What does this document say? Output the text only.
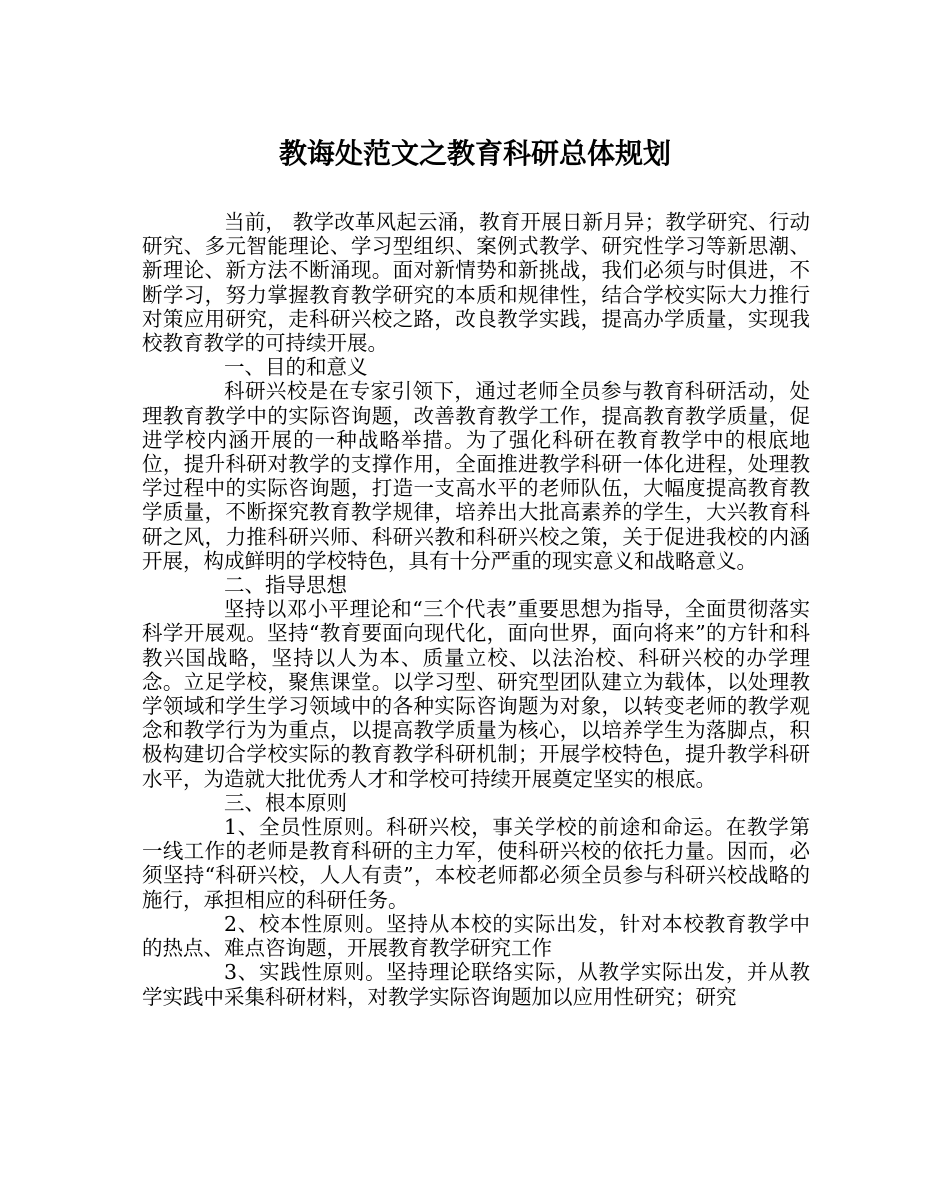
教诲处范文之教育科研总体规划

当前， 教学改革风起云涌，教育开展日新月异；教学研究、行动研究、多元智能理论、学习型组织、案例式教学、研究性学习等新思潮、新理论、新方法不断涌现。面对新情势和新挑战，我们必须与时俱进，不断学习，努力掌握教育教学研究的本质和规律性，结合学校实际大力推行对策应用研究，走科研兴校之路，改良教学实践，提高办学质量，实现我校教育教学的可持续开展。

一、目的和意义

科研兴校是在专家引领下，通过老师全员参与教育科研活动，处理教育教学中的实际咨询题，改善教育教学工作，提高教育教学质量，促进学校内涵开展的一种战略举措。为了强化科研在教育教学中的根底地位，提升科研对教学的支撑作用，全面推进教学科研一体化进程，处理教学过程中的实际咨询题，打造一支高水平的老师队伍，大幅度提高教育教学质量，不断探究教育教学规律，培养出大批高素养的学生，大兴教育科研之风，力推科研兴师、科研兴教和科研兴校之策，关于促进我校的内涵开展，构成鲜明的学校特色，具有十分严重的现实意义和战略意义。

二、指导思想

坚持以邓小平理论和“三个代表”重要思想为指导，全面贯彻落实科学开展观。坚持“教育要面向现代化，面向世界，面向将来”的方针和科教兴国战略，坚持以人为本、质量立校、以法治校、科研兴校的办学理念。立足学校，聚焦课堂。以学习型、研究型团队建立为载体，以处理教学领域和学生学习领域中的各种实际咨询题为对象，以转变老师的教学观念和教学行为为重点，以提高教学质量为核心，以培养学生为落脚点，积极构建切合学校实际的教育教学科研机制；开展学校特色，提升教学科研水平，为造就大批优秀人才和学校可持续开展奠定坚实的根底。

三、根本原则

1、全员性原则。科研兴校，事关学校的前途和命运。在教学第一线工作的老师是教育科研的主力军，使科研兴校的依托力量。因而，必须坚持“科研兴校，人人有责”，本校老师都必须全员参与科研兴校战略的施行，承担相应的科研任务。

2、校本性原则。坚持从本校的实际出发，针对本校教育教学中的热点、难点咨询题，开展教育教学研究工作

3、实践性原则。坚持理论联络实际，从教学实际出发，并从教学实践中采集科研材料，对教学实际咨询题加以应用性研究；研究
